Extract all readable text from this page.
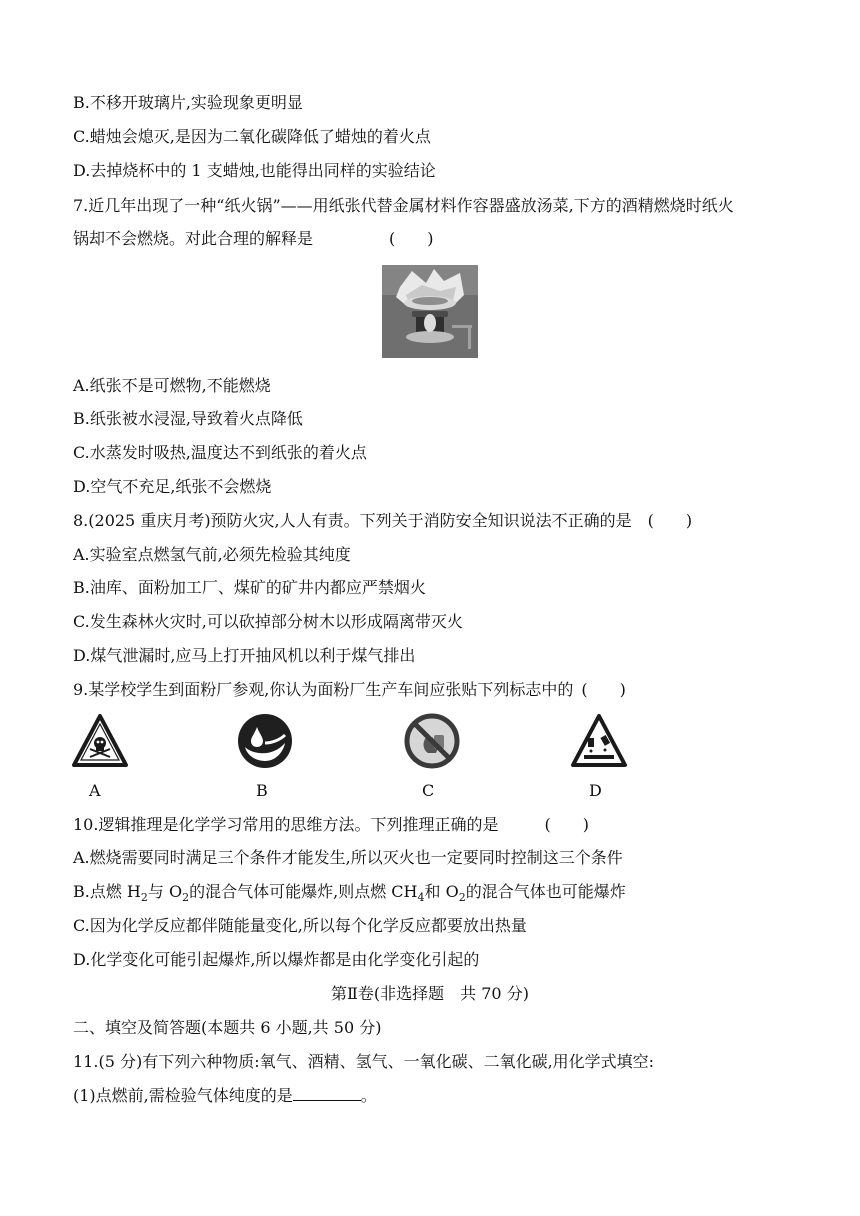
B.不移开玻璃片,实验现象更明显
C.蜡烛会熄灭,是因为二氧化碳降低了蜡烛的着火点
D.去掉烧杯中的 1 支蜡烛,也能得出同样的实验结论
7.近几年出现了一种“纸火锅”——用纸张代替金属材料作容器盛放汤菜,下方的酒精燃烧时纸火
锅却不会燃烧。对此合理的解释是	(　　)
A.纸张不是可燃物,不能燃烧
B.纸张被水浸湿,导致着火点降低
C.水蒸发时吸热,温度达不到纸张的着火点
D.空气不充足,纸张不会燃烧
8.(2025 重庆月考)预防火灾,人人有责。下列关于消防安全知识说法不正确的是 (　　)
A.实验室点燃氢气前,必须先检验其纯度
B.油库、面粉加工厂、煤矿的矿井内都应严禁烟火
C.发生森林火灾时,可以砍掉部分树木以形成隔离带灭火
D.煤气泄漏时,应马上打开抽风机以利于煤气排出
9.某学校学生到面粉厂参观,你认为面粉厂生产车间应张贴下列标志中的 (　　)
A	B	C	D
10.逻辑推理是化学学习常用的思维方法。下列推理正确的是	(　　)
A.燃烧需要同时满足三个条件才能发生,所以灭火也一定要同时控制这三个条件
B.点燃 $H_2$与 $O_2$的混合气体可能爆炸,则点燃 $CH_4$和 $O_2$的混合气体也可能爆炸
C.因为化学反应都伴随能量变化,所以每个化学反应都要放出热量
D.化学变化可能引起爆炸,所以爆炸都是由化学变化引起的
第Ⅱ卷(非选择题　共 70 分)
二、填空及简答题(本题共 6 小题,共 50 分)
11.(5 分)有下列六种物质:氧气、酒精、氢气、一氧化碳、二氧化碳,用化学式填空:
(1)点燃前,需检验气体纯度的是	。
